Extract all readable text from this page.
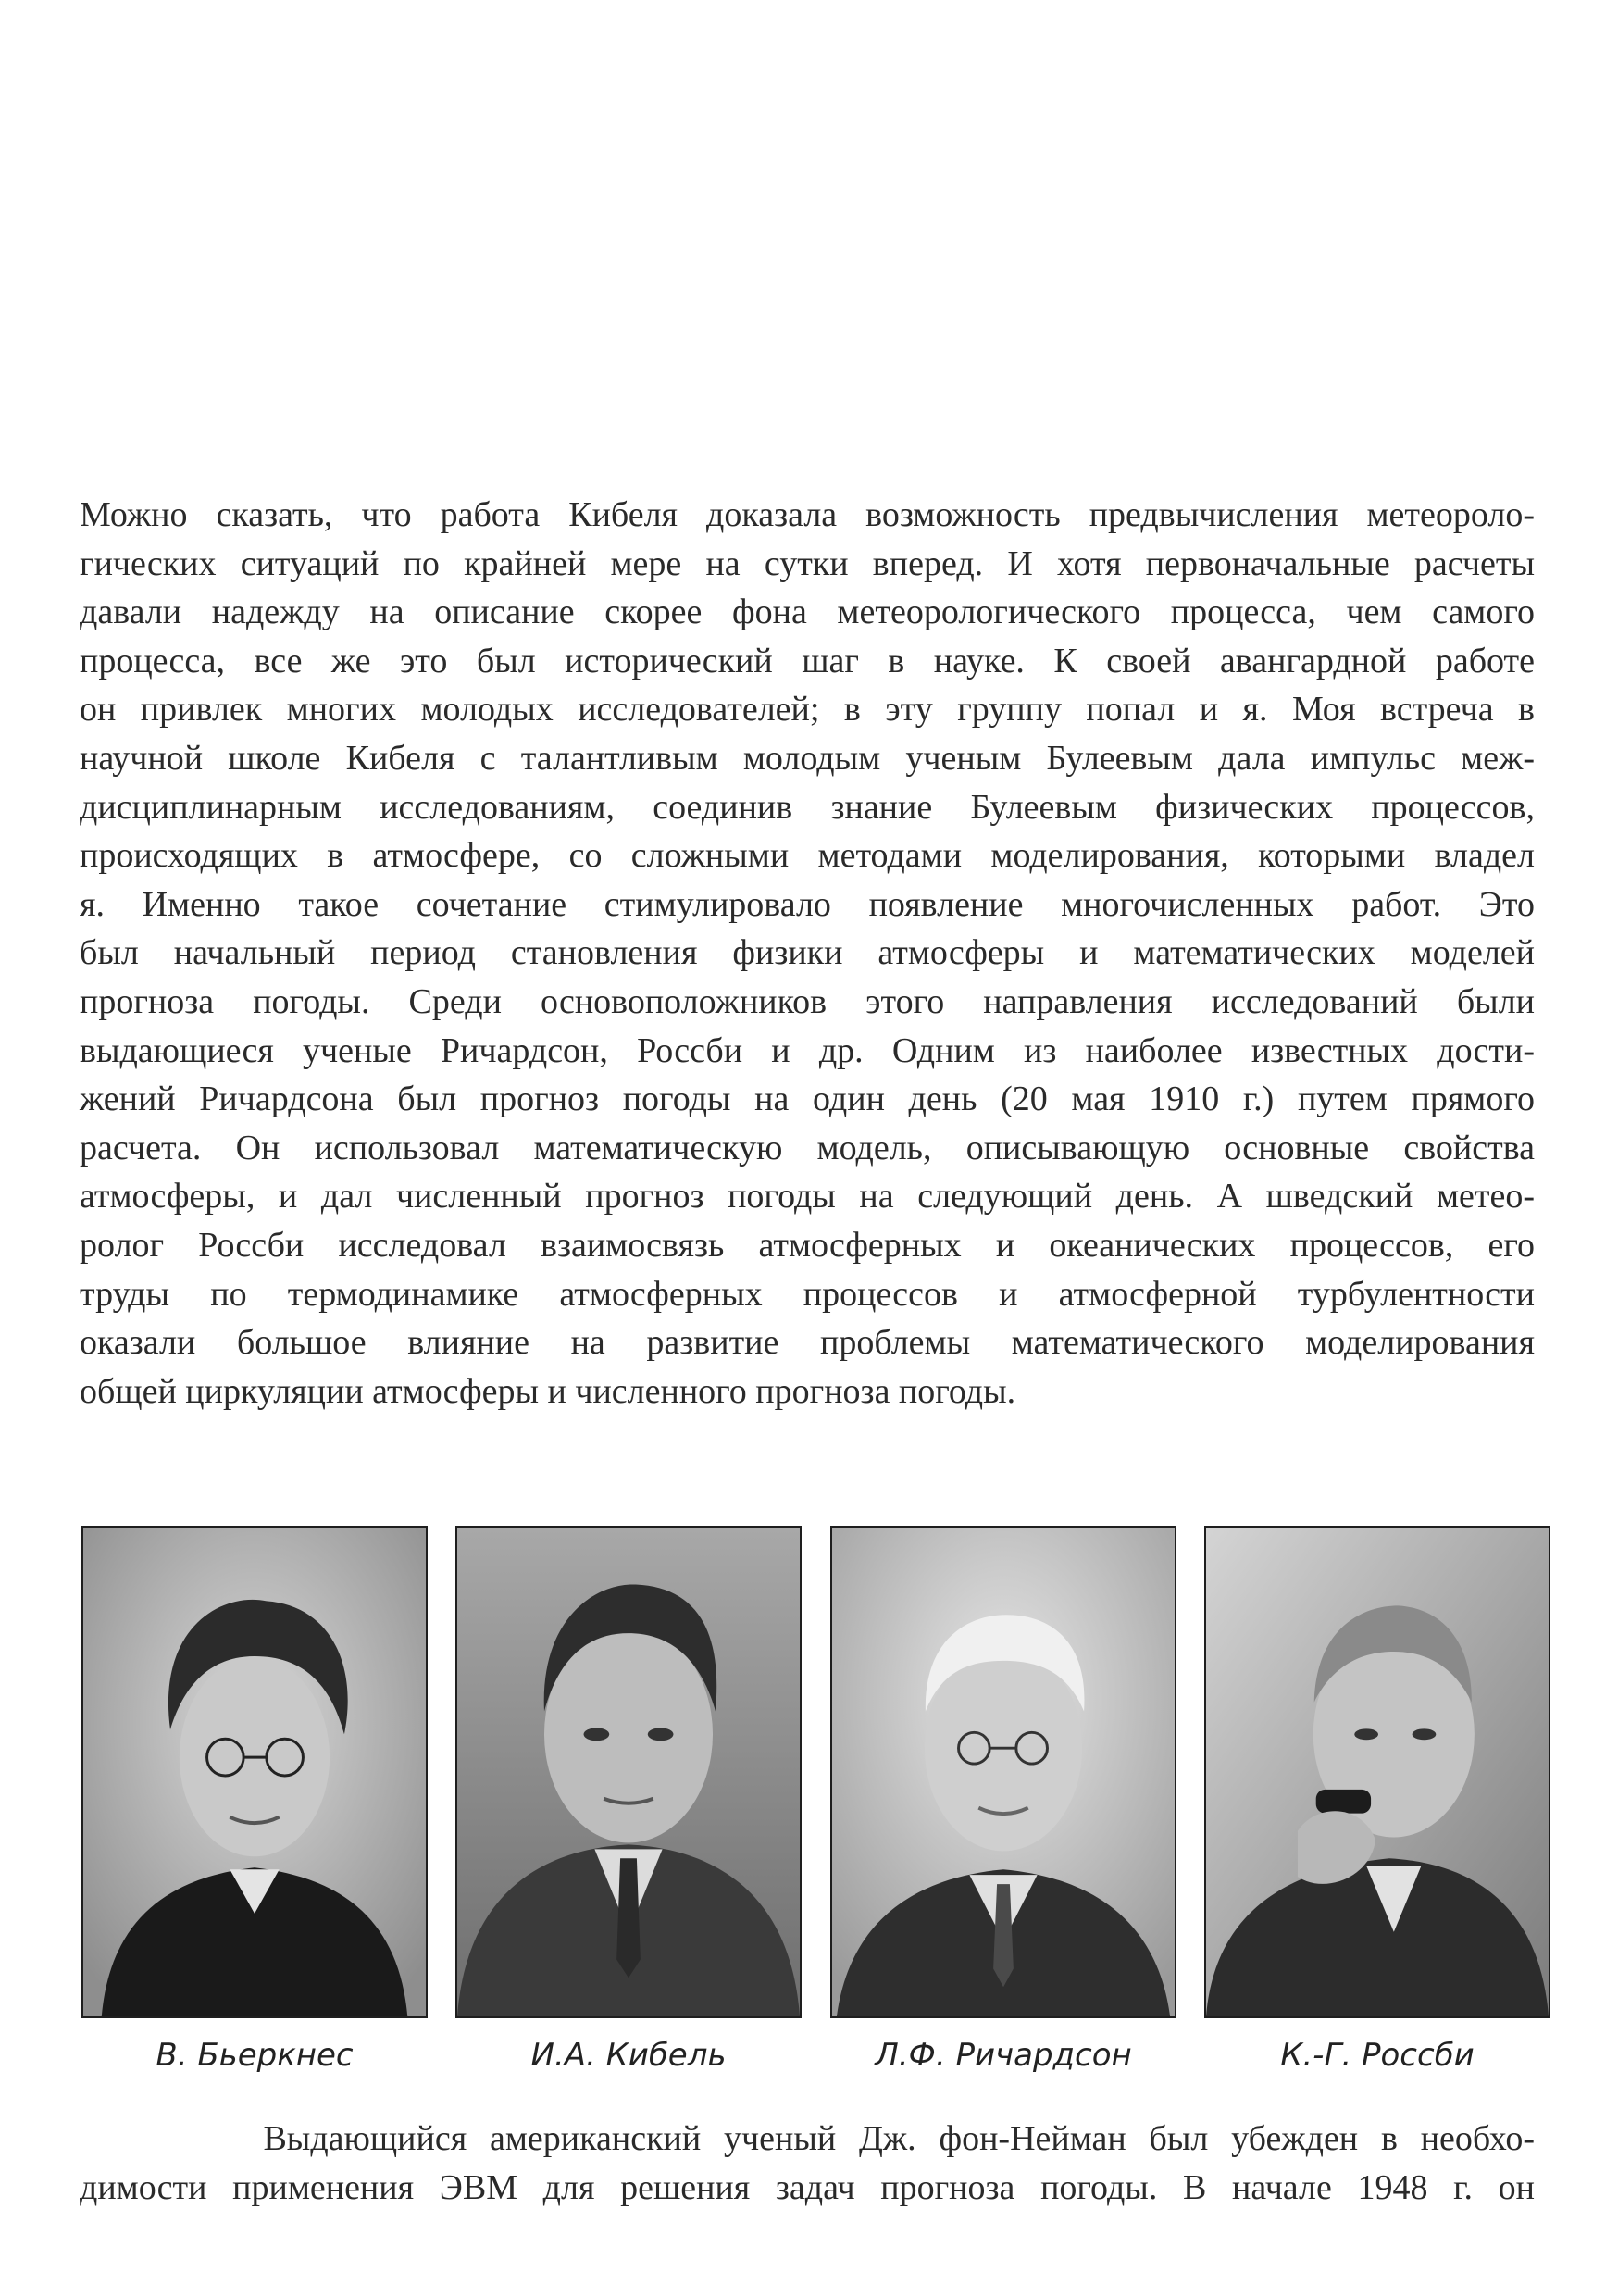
Можно сказать, что работа Кибеля доказала возможность предвычисления метеороло-
гических ситуаций по крайней мере на сутки вперед. И хотя первоначальные расчеты
давали надежду на описание скорее фона метеорологического процесса, чем самого
процесса, все же это был исторический шаг в науке. К своей авангардной работе
он привлек многих молодых исследователей; в эту группу попал и я. Моя встреча в
научной школе Кибеля с талантливым молодым ученым Булеевым дала импульс меж-
дисциплинарным исследованиям, соединив знание Булеевым физических процессов,
происходящих в атмосфере, со сложными методами моделирования, которыми владел
я. Именно такое сочетание стимулировало появление многочисленных работ. Это
был начальный период становления физики атмосферы и математических моделей
прогноза погоды. Среди основоположников этого направления исследований были
выдающиеся ученые Ричардсон, Россби и др. Одним из наиболее известных дости-
жений Ричардсона был прогноз погоды на один день (20 мая 1910 г.) путем прямого
расчета. Он использовал математическую модель, описывающую основные свойства
атмосферы, и дал численный прогноз погоды на следующий день. А шведский метео-
ролог Россби исследовал взаимосвязь атмосферных и океанических процессов, его
труды по термодинамике атмосферных процессов и атмосферной турбулентности
оказали большое влияние на развитие проблемы математического моделирования
общей циркуляции атмосферы и численного прогноза погоды.
В. Бьеркнес	И.А. Кибель	Л.Ф. Ричардсон	К.-Г. Россби
Выдающийся американский ученый Дж. фон-Нейман был убежден в необхо-
димости применения ЭВМ для решения задач прогноза погоды. В начале 1948 г. он
